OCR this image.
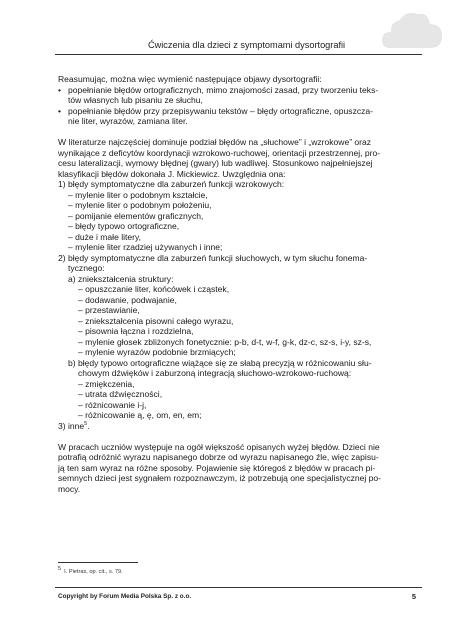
Ćwiczenia dla dzieci z symptomami dysortografii

Reasumując, można więc wymienić następujące objawy dysortografii:

• popełnianie błędów ortograficznych, mimo znajomości zasad, przy tworzeniu teks-

tów własnych lub pisaniu ze słuchu,

• popełnianie błędów przy przepisywaniu tekstów – błędy ortograficzne, opuszcza-

nie liter, wyrazów, zamiana liter.

W literaturze najczęściej dominuje podział błędów na „słuchowe” i „wzrokowe” oraz

wynikające z deficytów koordynacji wzrokowo-ruchowej, orientacji przestrzennej, pro-

cesu lateralizacji, wymowy błędnej (gwary) lub wadliwej. Stosunkowo najpełniejszej

klasyfikacji błędów dokonała J. Mickiewicz. Uwzględnia ona:

1) błędy symptomatyczne dla zaburzeń funkcji wzrokowych:

– mylenie liter o podobnym kształcie,

– mylenie liter o podobnym położeniu,

– pomijanie elementów graficznych,

– błędy typowo ortograficzne,

– duże i małe litery,

– mylenie liter rzadziej używanych i inne;

2) błędy symptomatyczne dla zaburzeń funkcji słuchowych, w tym słuchu fonema-

tycznego:

a) zniekształcenia struktury:

– opuszczanie liter, końcówek i cząstek,

– dodawanie, podwajanie,

– przestawianie,

– zniekształcenia pisowni całego wyrazu,

– pisownia łączna i rozdzielna,

– mylenie głosek zbliżonych fonetycznie: p-b, d-t, w-f, g-k, dz-c, sz-s, i-y, sz-s,

– mylenie wyrazów podobnie brzmiących;

b) błędy typowo ortograficzne wiążące się ze słabą precyzją w różnicowaniu słu-

chowym dźwięków i zaburzoną integracją słuchowo-wzrokowo-ruchową:

– zmiękczenia,

– utrata dźwięczności,

– różnicowanie i-j,

– różnicowanie ą, ę, om, en, em;

3) inne$^5$.

W pracach uczniów występuje na ogół większość opisanych wyżej błędów. Dzieci nie

potrafią odróżnić wyrazu napisanego dobrze od wyrazu napisanego źle, więc zapisu-

ją ten sam wyraz na różne sposoby. Pojawienie się któregoś z błędów w pracach pi-

semnych dzieci jest sygnałem rozpoznawczym, iż potrzebują one specjalistycznej po-

mocy.

5 I. Pietras, op. cit., s. 79.
Copyright by Forum Media Polska Sp. z o.o.	5
